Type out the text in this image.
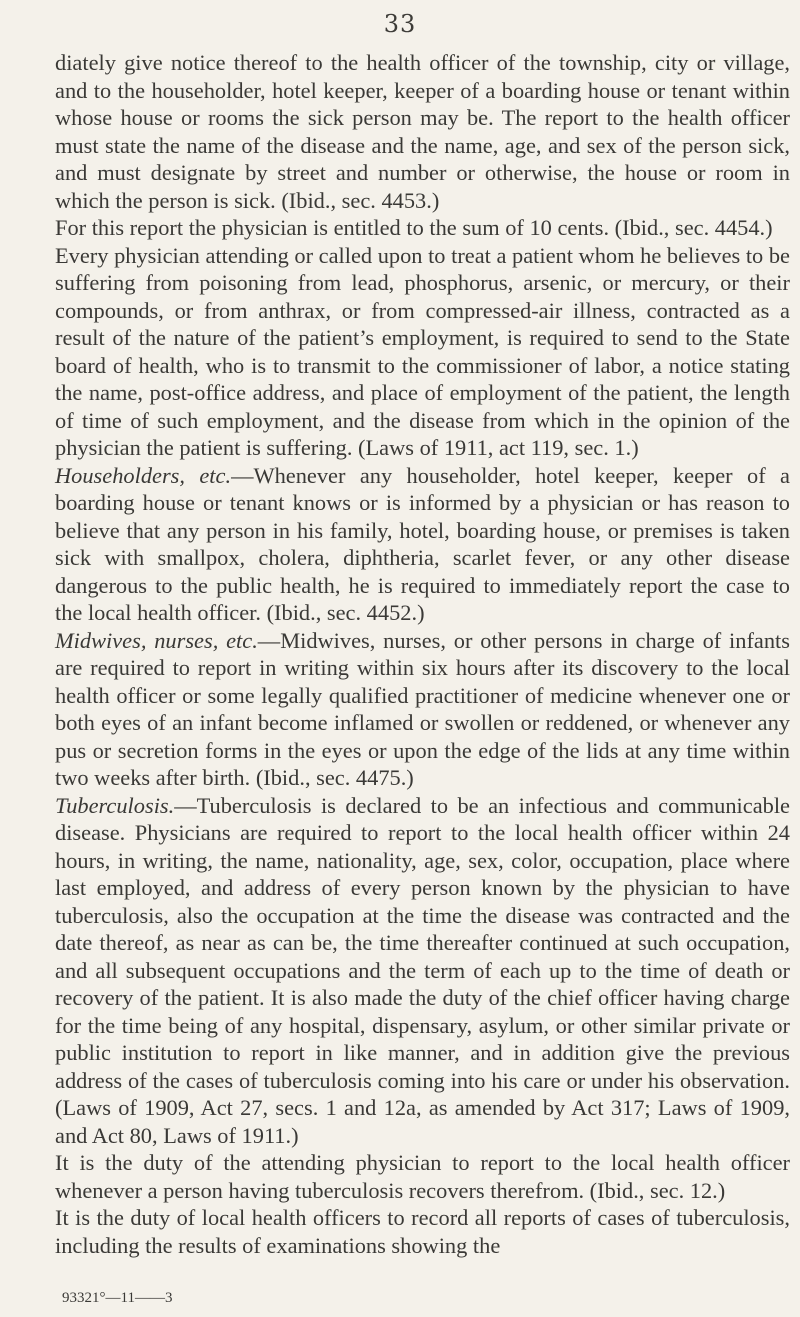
33

diately give notice thereof to the health officer of the township, city or village, and to the householder, hotel keeper, keeper of a boarding house or tenant within whose house or rooms the sick person may be. The report to the health officer must state the name of the disease and the name, age, and sex of the person sick, and must designate by street and number or otherwise, the house or room in which the person is sick. (Ibid., sec. 4453.)

For this report the physician is entitled to the sum of 10 cents. (Ibid., sec. 4454.)

Every physician attending or called upon to treat a patient whom he believes to be suffering from poisoning from lead, phosphorus, arsenic, or mercury, or their compounds, or from anthrax, or from compressed-air illness, contracted as a result of the nature of the patient’s employment, is required to send to the State board of health, who is to transmit to the commissioner of labor, a notice stating the name, post-office address, and place of employment of the patient, the length of time of such employment, and the disease from which in the opinion of the physician the patient is suffering. (Laws of 1911, act 119, sec. 1.)

Householders, etc.—Whenever any householder, hotel keeper, keeper of a boarding house or tenant knows or is informed by a physician or has reason to believe that any person in his family, hotel, boarding house, or premises is taken sick with smallpox, cholera, diphtheria, scarlet fever, or any other disease dangerous to the public health, he is required to immediately report the case to the local health officer. (Ibid., sec. 4452.)

Midwives, nurses, etc.—Midwives, nurses, or other persons in charge of infants are required to report in writing within six hours after its discovery to the local health officer or some legally qualified practitioner of medicine whenever one or both eyes of an infant become inflamed or swollen or reddened, or whenever any pus or secretion forms in the eyes or upon the edge of the lids at any time within two weeks after birth. (Ibid., sec. 4475.)

Tuberculosis.—Tuberculosis is declared to be an infectious and communicable disease. Physicians are required to report to the local health officer within 24 hours, in writing, the name, nationality, age, sex, color, occupation, place where last employed, and address of every person known by the physician to have tuberculosis, also the occupation at the time the disease was contracted and the date thereof, as near as can be, the time thereafter continued at such occupation, and all subsequent occupations and the term of each up to the time of death or recovery of the patient. It is also made the duty of the chief officer having charge for the time being of any hospital, dispensary, asylum, or other similar private or public institution to report in like manner, and in addition give the previous address of the cases of tuberculosis coming into his care or under his observation. (Laws of 1909, Act 27, secs. 1 and 12a, as amended by Act 317; Laws of 1909, and Act 80, Laws of 1911.)

It is the duty of the attending physician to report to the local health officer whenever a person having tuberculosis recovers therefrom. (Ibid., sec. 12.)

It is the duty of local health officers to record all reports of cases of tuberculosis, including the results of examinations showing the

93321°—11——3
